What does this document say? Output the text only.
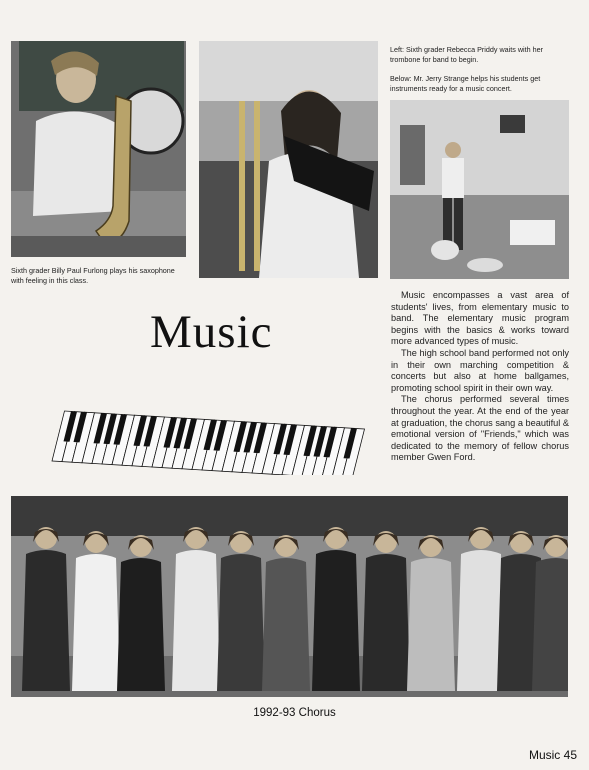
Sixth grader Billy Paul Furlong plays his saxophone with feeling in this class.
Left: Sixth grader Rebecca Priddy waits with her trombone for band to begin.
Below: Mr. Jerry Strange helps his students get instruments ready for a music concert.
Music

Music encompasses a vast area of students' lives, from elementary music to band. The elementary music program begins with the basics & works toward more advanced types of music.

The high school band performed not only in their own marching competition & concerts but also at home ballgames, promoting school spirit in their own way.

The chorus performed several times throughout the year. At the end of the year at graduation, the chorus sang a beautiful & emotional version of "Friends," which was dedicated to the memory of fellow chorus member Gwen Ford.

1992-93 Chorus
Music 45
